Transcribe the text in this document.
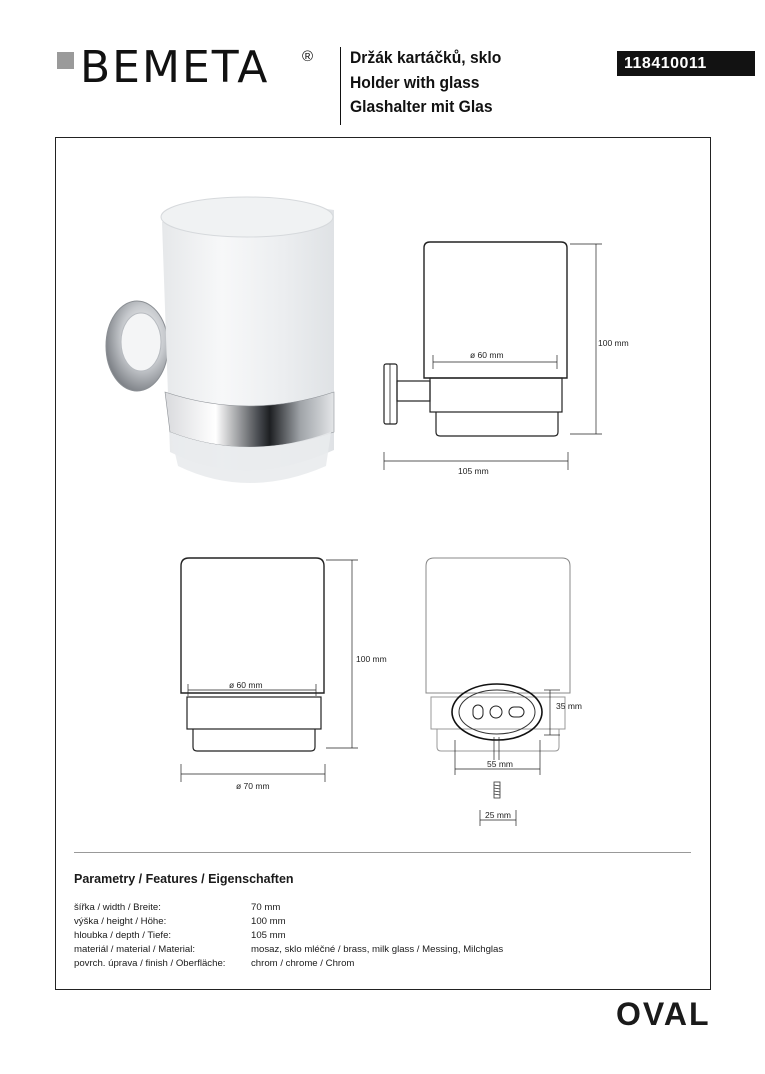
BEMETA ® Držák kartáčků, sklo
Holder with glass
Glashalter mit Glas
118410011
ø 60 mm
100 mm
105 mm
ø 60 mm
100 mm
ø 70 mm
35 mm
55 mm
25 mm
Parametry / Features / Eigenschaften
šířka / width / Breite:	70 mm
výška / height / Höhe:	100 mm
hloubka / depth / Tiefe:	105 mm
materiál / material / Material:	mosaz, sklo mléčné / brass, milk glass / Messing, Milchglas
povrch. úprava / finish / Oberfläche:	chrom / chrome / Chrom
OVAL
